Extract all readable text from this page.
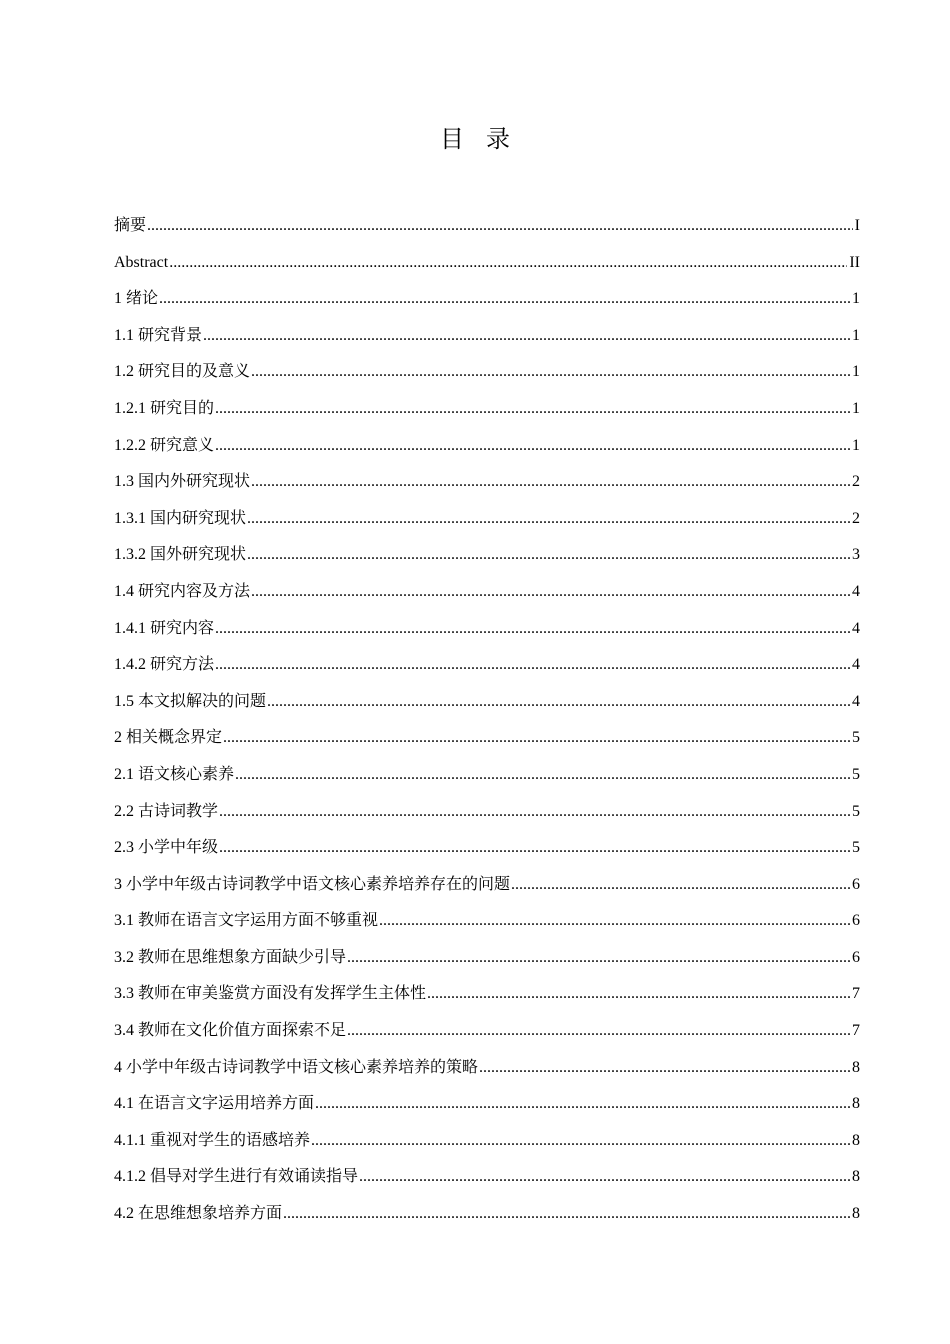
目 录
摘要 .....	I
Abstract .....	II
1 绪论 .....	1
1.1 研究背景 .....	1
1.2 研究目的及意义 .....	1
1.2.1 研究目的 .....	1
1.2.2 研究意义 .....	1
1.3 国内外研究现状 .....	2
1.3.1 国内研究现状 .....	2
1.3.2 国外研究现状 .....	3
1.4 研究内容及方法 .....	4
1.4.1 研究内容 .....	4
1.4.2 研究方法 .....	4
1.5 本文拟解决的问题 .....	4
2 相关概念界定 .....	5
2.1 语文核心素养 .....	5
2.2 古诗词教学 .....	5
2.3 小学中年级 .....	5
3 小学中年级古诗词教学中语文核心素养培养存在的问题 .....	6
3.1 教师在语言文字运用方面不够重视 .....	6
3.2 教师在思维想象方面缺少引导 .....	6
3.3 教师在审美鉴赏方面没有发挥学生主体性 .....	7
3.4 教师在文化价值方面探索不足 .....	7
4 小学中年级古诗词教学中语文核心素养培养的策略 .....	8
4.1 在语言文字运用培养方面 .....	8
4.1.1 重视对学生的语感培养 .....	8
4.1.2 倡导对学生进行有效诵读指导 .....	8
4.2 在思维想象培养方面 .....	8
